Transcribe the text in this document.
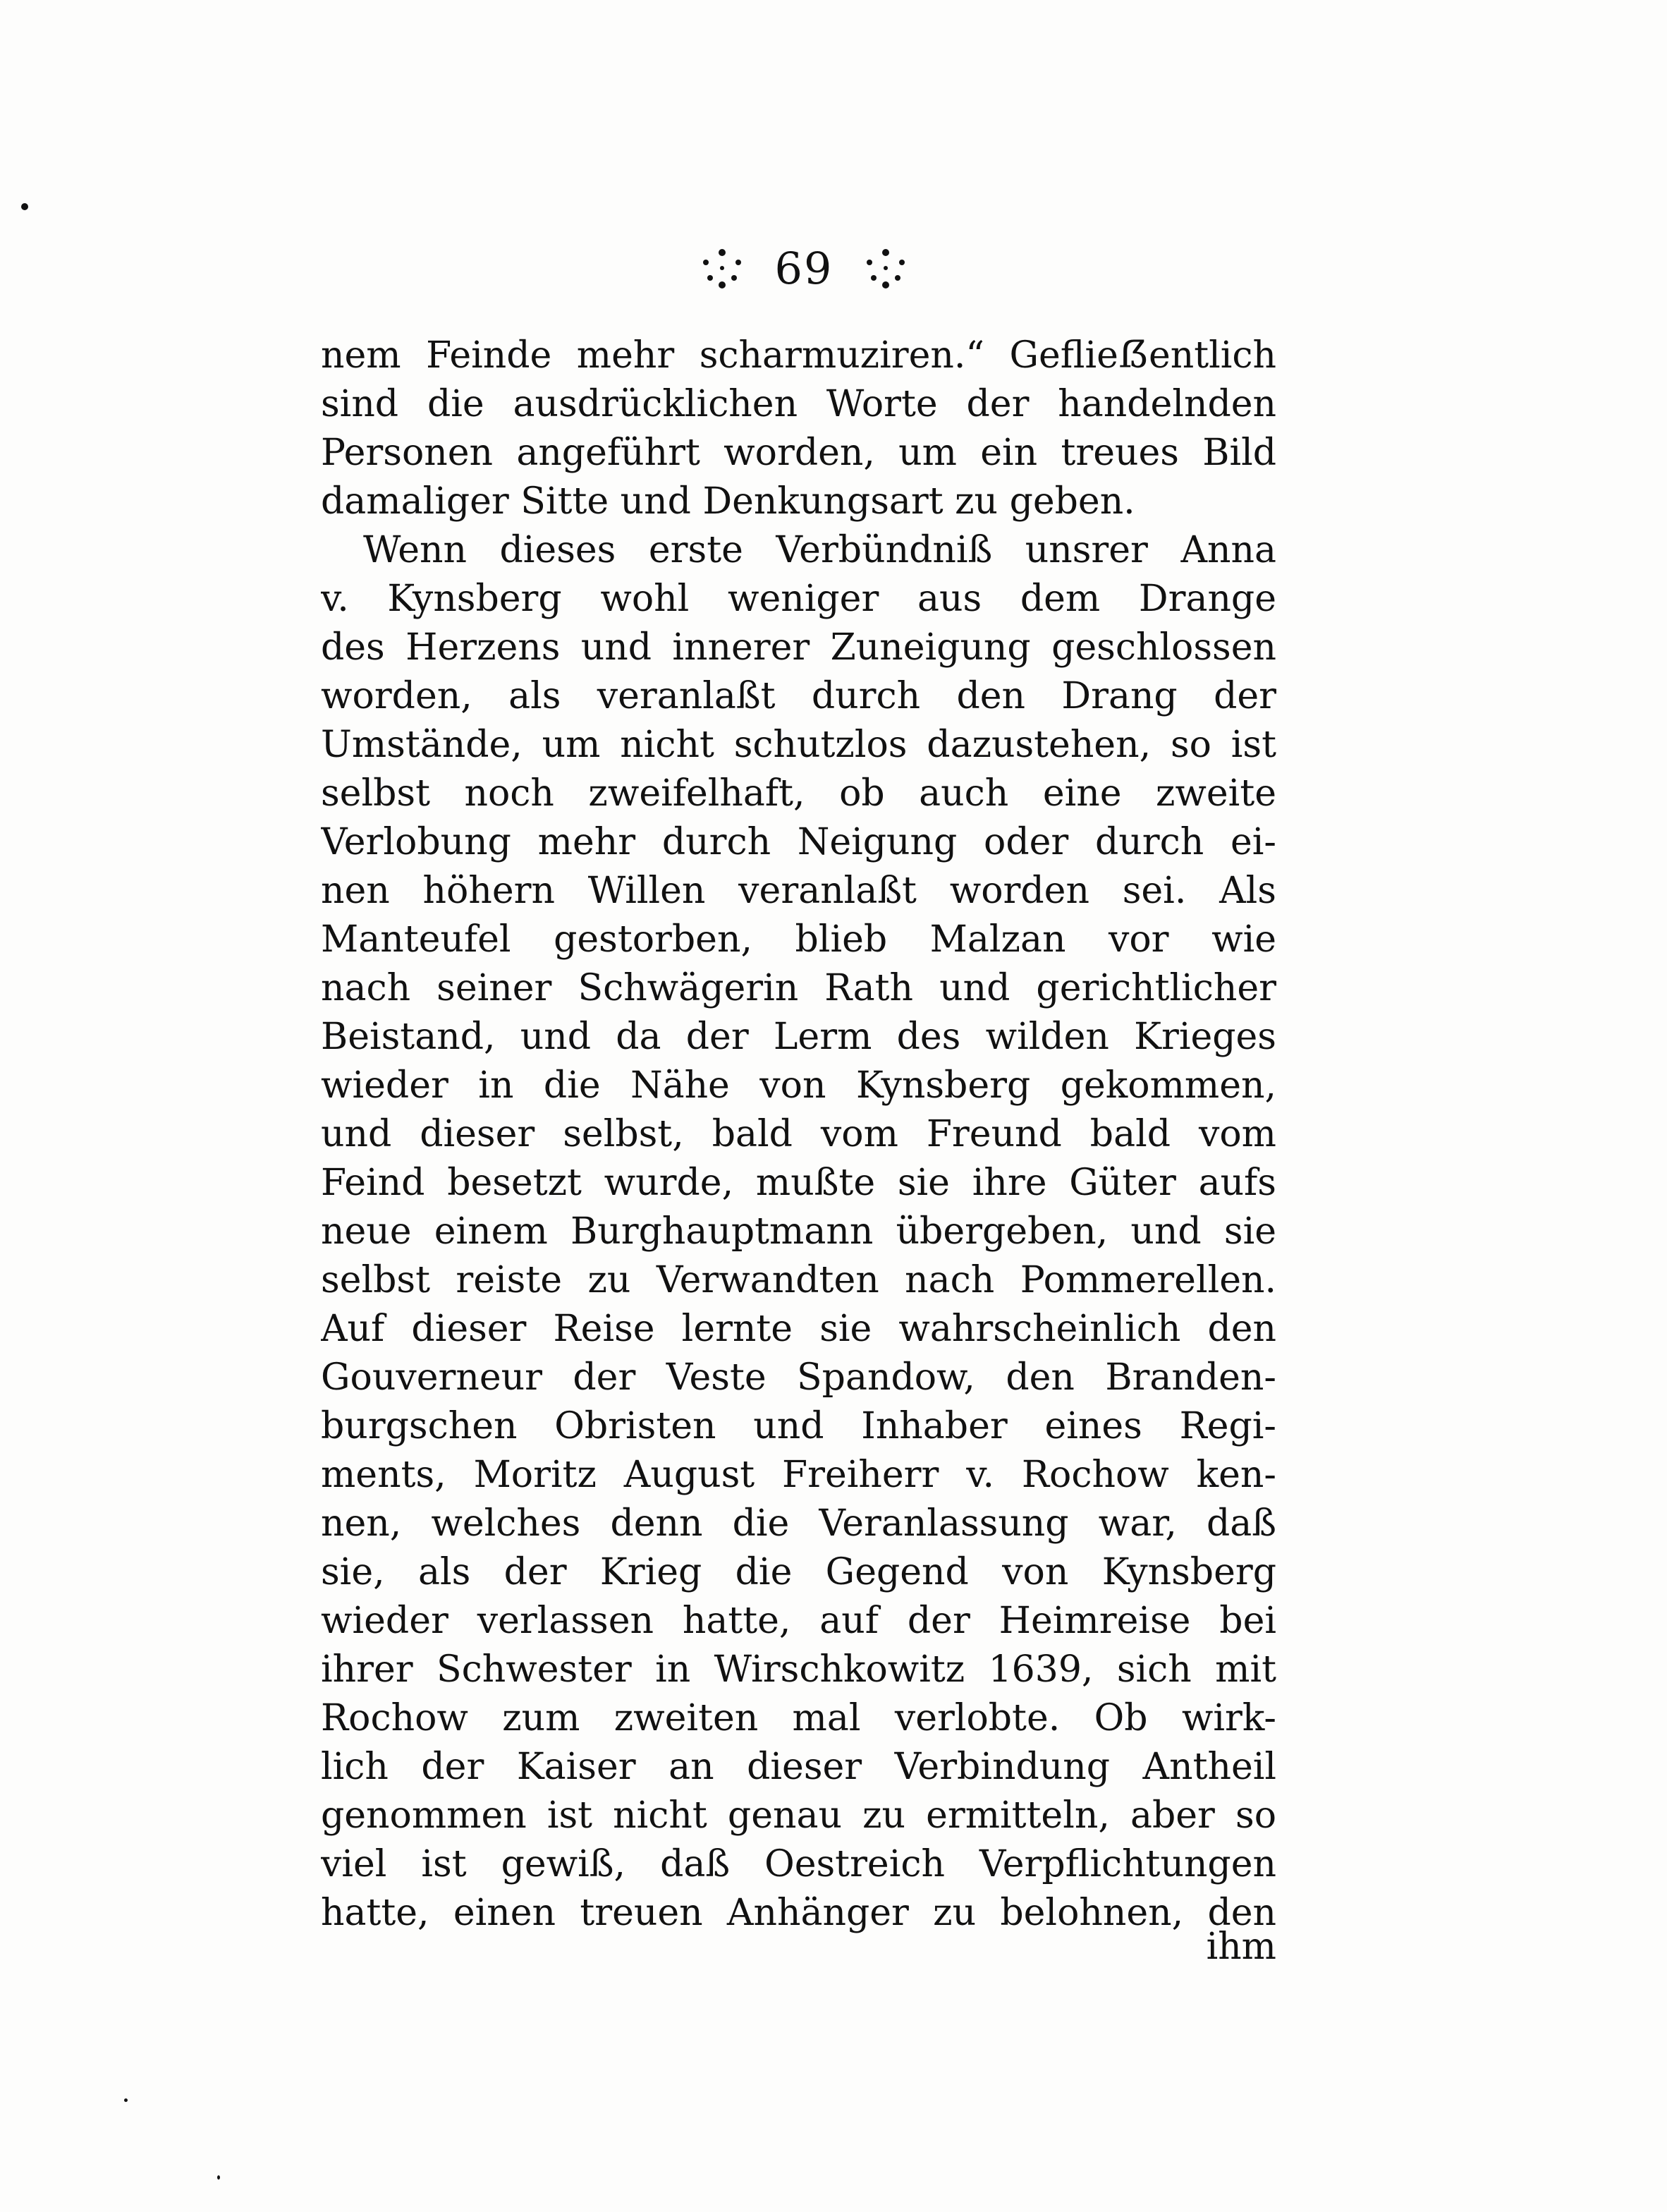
69
nem Feinde mehr scharmuziren.“ Geflieẞentlich
sind die ausdrücklichen Worte der handelnden
Personen angeführt worden, um ein treues Bild
damaliger Sitte und Denkungsart zu geben.
Wenn dieses erste Verbündniß unsrer Anna
v. Kynsberg wohl weniger aus dem Drange
des Herzens und innerer Zuneigung geschlossen
worden, als veranlaßt durch den Drang der
Umstände, um nicht schutzlos dazustehen, so ist
selbst noch zweifelhaft, ob auch eine zweite
Verlobung mehr durch Neigung oder durch ei-
nen höhern Willen veranlaßt worden sei. Als
Manteufel gestorben, blieb Malzan vor wie
nach seiner Schwägerin Rath und gerichtlicher
Beistand, und da der Lerm des wilden Krieges
wieder in die Nähe von Kynsberg gekommen,
und dieser selbst, bald vom Freund bald vom
Feind besetzt wurde, mußte sie ihre Güter aufs
neue einem Burghauptmann übergeben, und sie
selbst reiste zu Verwandten nach Pommerellen.
Auf dieser Reise lernte sie wahrscheinlich den
Gouverneur der Veste Spandow, den Branden-
burgschen Obristen und Inhaber eines Regi-
ments, Moritz August Freiherr v. Rochow ken-
nen, welches denn die Veranlassung war, daß
sie, als der Krieg die Gegend von Kynsberg
wieder verlassen hatte, auf der Heimreise bei
ihrer Schwester in Wirschkowitz 1639, sich mit
Rochow zum zweiten mal verlobte. Ob wirk-
lich der Kaiser an dieser Verbindung Antheil
genommen ist nicht genau zu ermitteln, aber so
viel ist gewiß, daß Oestreich Verpflichtungen
hatte, einen treuen Anhänger zu belohnen, den
ihm
